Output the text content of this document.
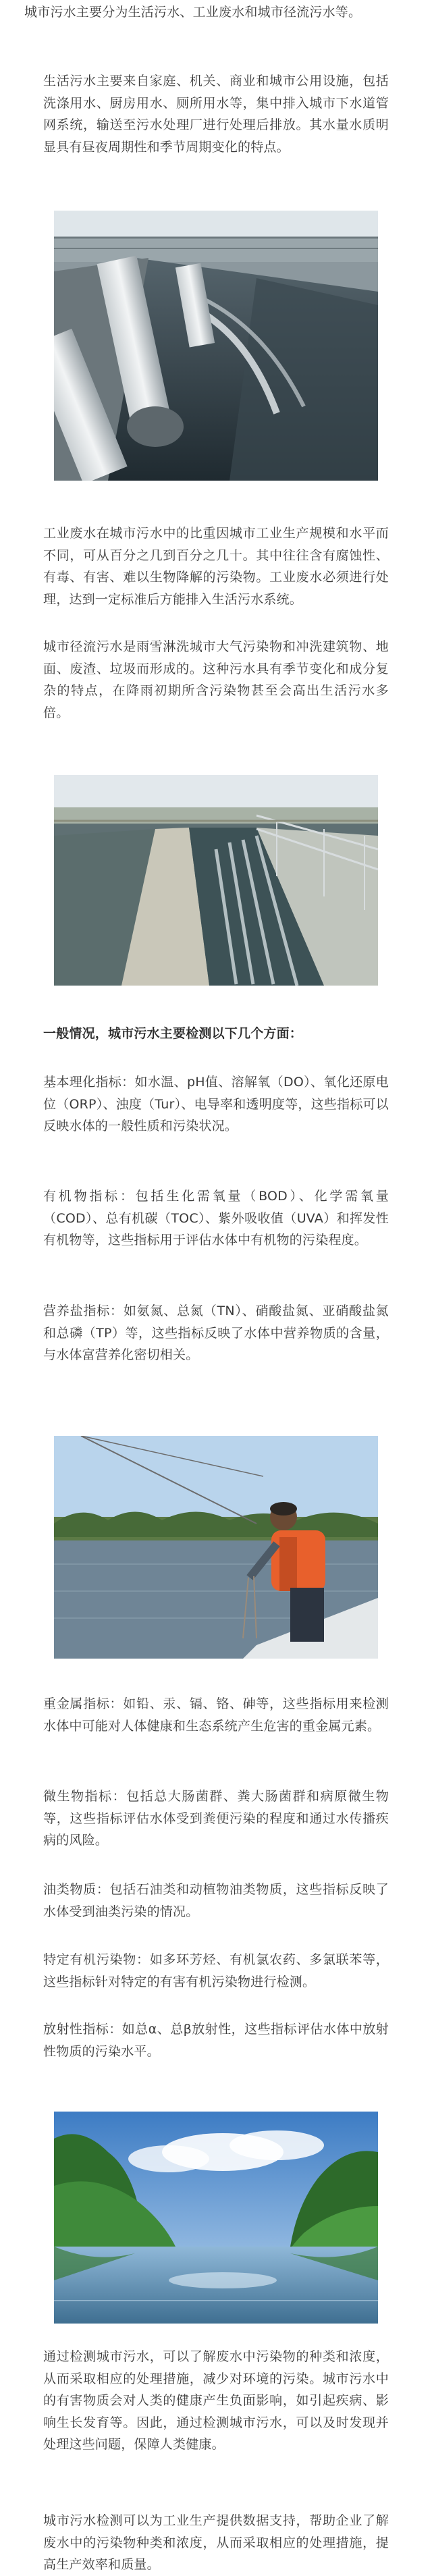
城市污水主要分为生活污水、工业废水和城市径流污水等。

生活污水主要来自家庭、机关、商业和城市公用设施，包括洗涤用水、厨房用水、厕所用水等，集中排入城市下水道管网系统，输送至污水处理厂进行处理后排放。其水量水质明显具有昼夜周期性和季节周期变化的特点。

工业废水在城市污水中的比重因城市工业生产规模和水平而不同，可从百分之几到百分之几十。其中往往含有腐蚀性、有毒、有害、难以生物降解的污染物。工业废水必须进行处理，达到一定标准后方能排入生活污水系统。

城市径流污水是雨雪淋洗城市大气污染物和冲洗建筑物、地面、废渣、垃圾而形成的。这种污水具有季节变化和成分复杂的特点，在降雨初期所含污染物甚至会高出生活污水多倍。

一般情况，城市污水主要检测以下几个方面：

基本理化指标：如水温、pH值、溶解氧（DO）、氧化还原电位（ORP）、浊度（Tur）、电导率和透明度等，这些指标可以反映水体的一般性质和污染状况。

有机物指标：包括生化需氧量（BOD）、化学需氧量（COD）、总有机碳（TOC）、紫外吸收值（UVA）和挥发性有机物等，这些指标用于评估水体中有机物的污染程度。

营养盐指标：如氨氮、总氮（TN）、硝酸盐氮、亚硝酸盐氮和总磷（TP）等，这些指标反映了水体中营养物质的含量，与水体富营养化密切相关。

重金属指标：如铅、汞、镉、铬、砷等，这些指标用来检测水体中可能对人体健康和生态系统产生危害的重金属元素。

微生物指标：包括总大肠菌群、粪大肠菌群和病原微生物等，这些指标评估水体受到粪便污染的程度和通过水传播疾病的风险。

油类物质：包括石油类和动植物油类物质，这些指标反映了水体受到油类污染的情况。

特定有机污染物：如多环芳烃、有机氯农药、多氯联苯等，这些指标针对特定的有害有机污染物进行检测。

放射性指标：如总α、总β放射性，这些指标评估水体中放射性物质的污染水平。

通过检测城市污水，可以了解废水中污染物的种类和浓度，从而采取相应的处理措施，减少对环境的污染。城市污水中的有害物质会对人类的健康产生负面影响，如引起疾病、影响生长发育等。因此，通过检测城市污水，可以及时发现并处理这些问题，保障人类健康。

城市污水检测可以为工业生产提供数据支持，帮助企业了解废水中的污染物种类和浓度，从而采取相应的处理措施，提高生产效率和质量。
